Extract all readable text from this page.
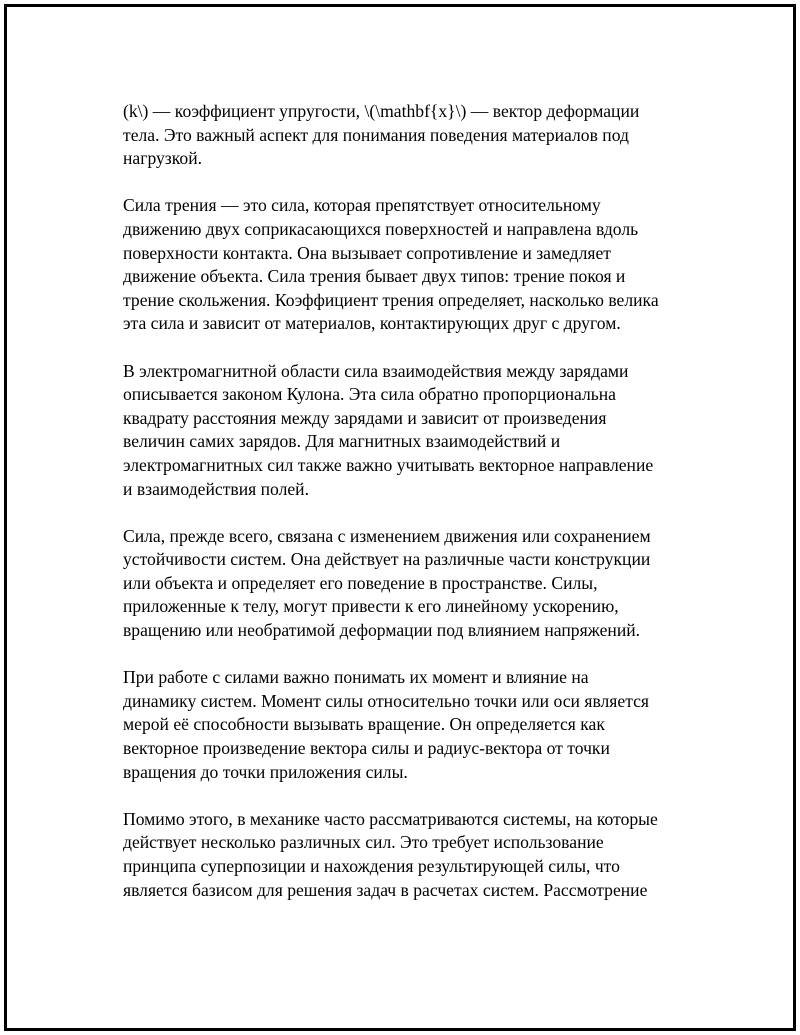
(k\) — коэффициент упругости, \(\mathbf{x}\) — вектор деформации
тела. Это важный аспект для понимания поведения материалов под
нагрузкой.

Сила трения — это сила, которая препятствует относительному
движению двух соприкасающихся поверхностей и направлена вдоль
поверхности контакта. Она вызывает сопротивление и замедляет
движение объекта. Сила трения бывает двух типов: трение покоя и
трение скольжения. Коэффициент трения определяет, насколько велика
эта сила и зависит от материалов, контактирующих друг с другом.

В электромагнитной области сила взаимодействия между зарядами
описывается законом Кулона. Эта сила обратно пропорциональна
квадрату расстояния между зарядами и зависит от произведения
величин самих зарядов. Для магнитных взаимодействий и
электромагнитных сил также важно учитывать векторное направление
и взаимодействия полей.

Сила, прежде всего, связана с изменением движения или сохранением
устойчивости систем. Она действует на различные части конструкции
или объекта и определяет его поведение в пространстве. Силы,
приложенные к телу, могут привести к его линейному ускорению,
вращению или необратимой деформации под влиянием напряжений.

При работе с силами важно понимать их момент и влияние на
динамику систем. Момент силы относительно точки или оси является
мерой её способности вызывать вращение. Он определяется как
векторное произведение вектора силы и радиус-вектора от точки
вращения до точки приложения силы.

Помимо этого, в механике часто рассматриваются системы, на которые
действует несколько различных сил. Это требует использование
принципа суперпозиции и нахождения результирующей силы, что
является базисом для решения задач в расчетах систем. Рассмотрение
